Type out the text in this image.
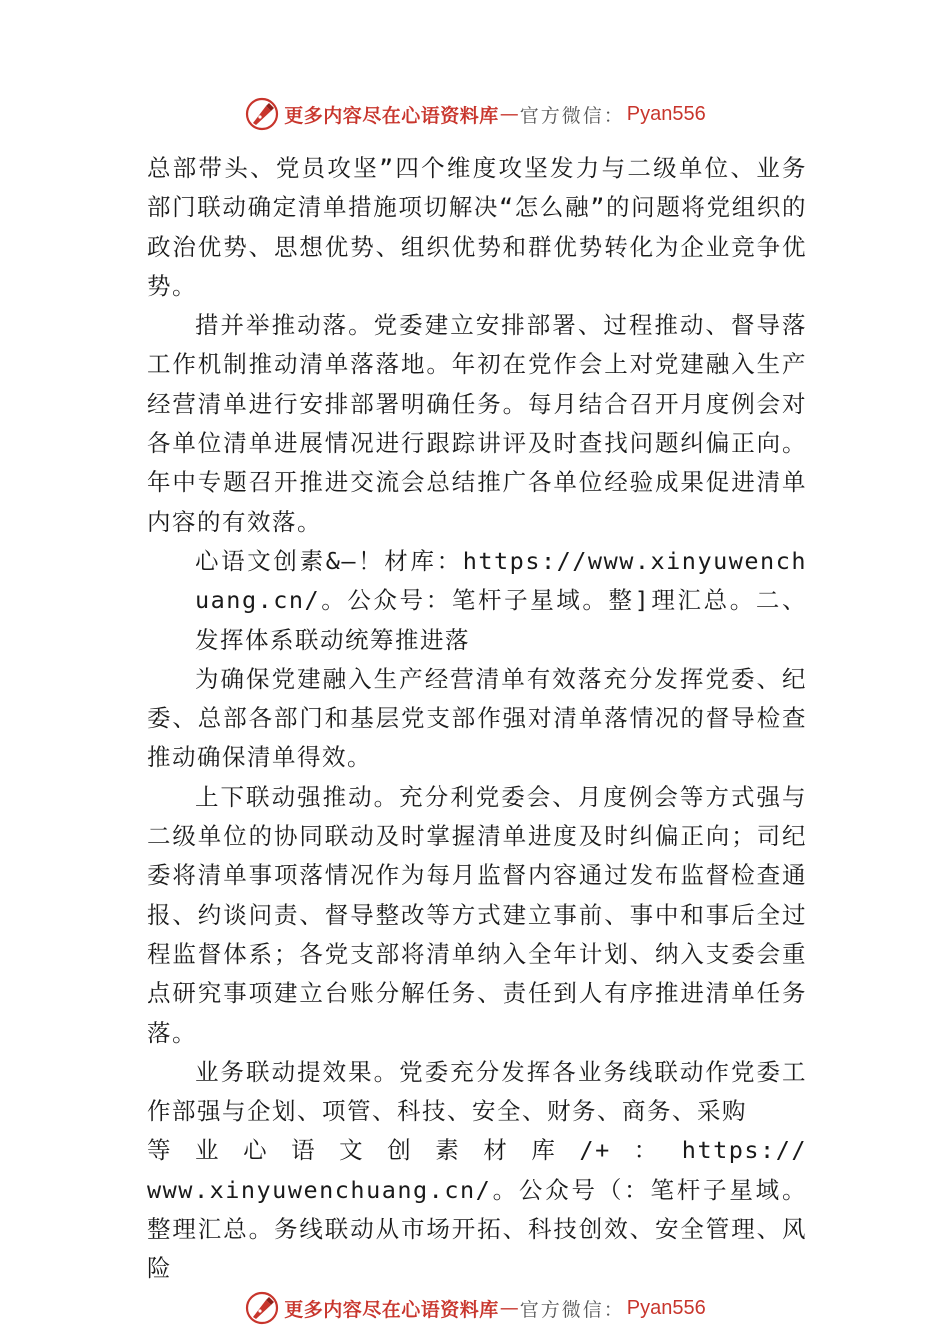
更多内容尽在心语资料库 — 官方微信： Pyan556

总部带头、党员攻坚”四个维度攻坚发力与二级单位、业务部门联动确定清单措施项切解决“怎么融”的问题将党组织的政治优势、思想优势、组织优势和群优势转化为企业竞争优势。

措并举推动落。党委建立安排部署、过程推动、督导落工作机制推动清单落落地。年初在党作会上对党建融入生产经营清单进行安排部署明确任务。每月结合召开月度例会对各单位清单进展情况进行跟踪讲评及时查找问题纠偏正向。 年中专题召开推进交流会总结推广各单位经验成果促进清单内容的有效落。

心语文创素&—！材库：https://www.xinyuwenchuang.cn/。公众号：笔杆子星域。整]理汇总。二、发挥体系联动统筹推进落

为确保党建融入生产经营清单有效落充分发挥党委、纪委、总部各部门和基层党支部作强对清单落情况的督导检查推动确保清单得效。

上下联动强推动。充分利党委会、月度例会等方式强与二级单位的协同联动及时掌握清单进度及时纠偏正向；司纪委将清单事项落情况作为每月监督内容通过发布监督检查通报、约谈问责、督导整改等方式建立事前、事中和事后全过程监督体系；各党支部将清单纳入全年计划、纳入支委会重点研究事项建立台账分解任务、责任到人有序推进清单任务落。

业务联动提效果。党委充分发挥各业务线联动作党委工作部强与企划、项管、科技、安全、财务、商务、采购

等业心语文创素材库/+：https://

www.xinyuwenchuang.cn/。公众号（：笔杆子星域。整理汇总。务线联动从市场开拓、科技创效、安全管理、风险

更多内容尽在心语资料库 — 官方微信： Pyan556
